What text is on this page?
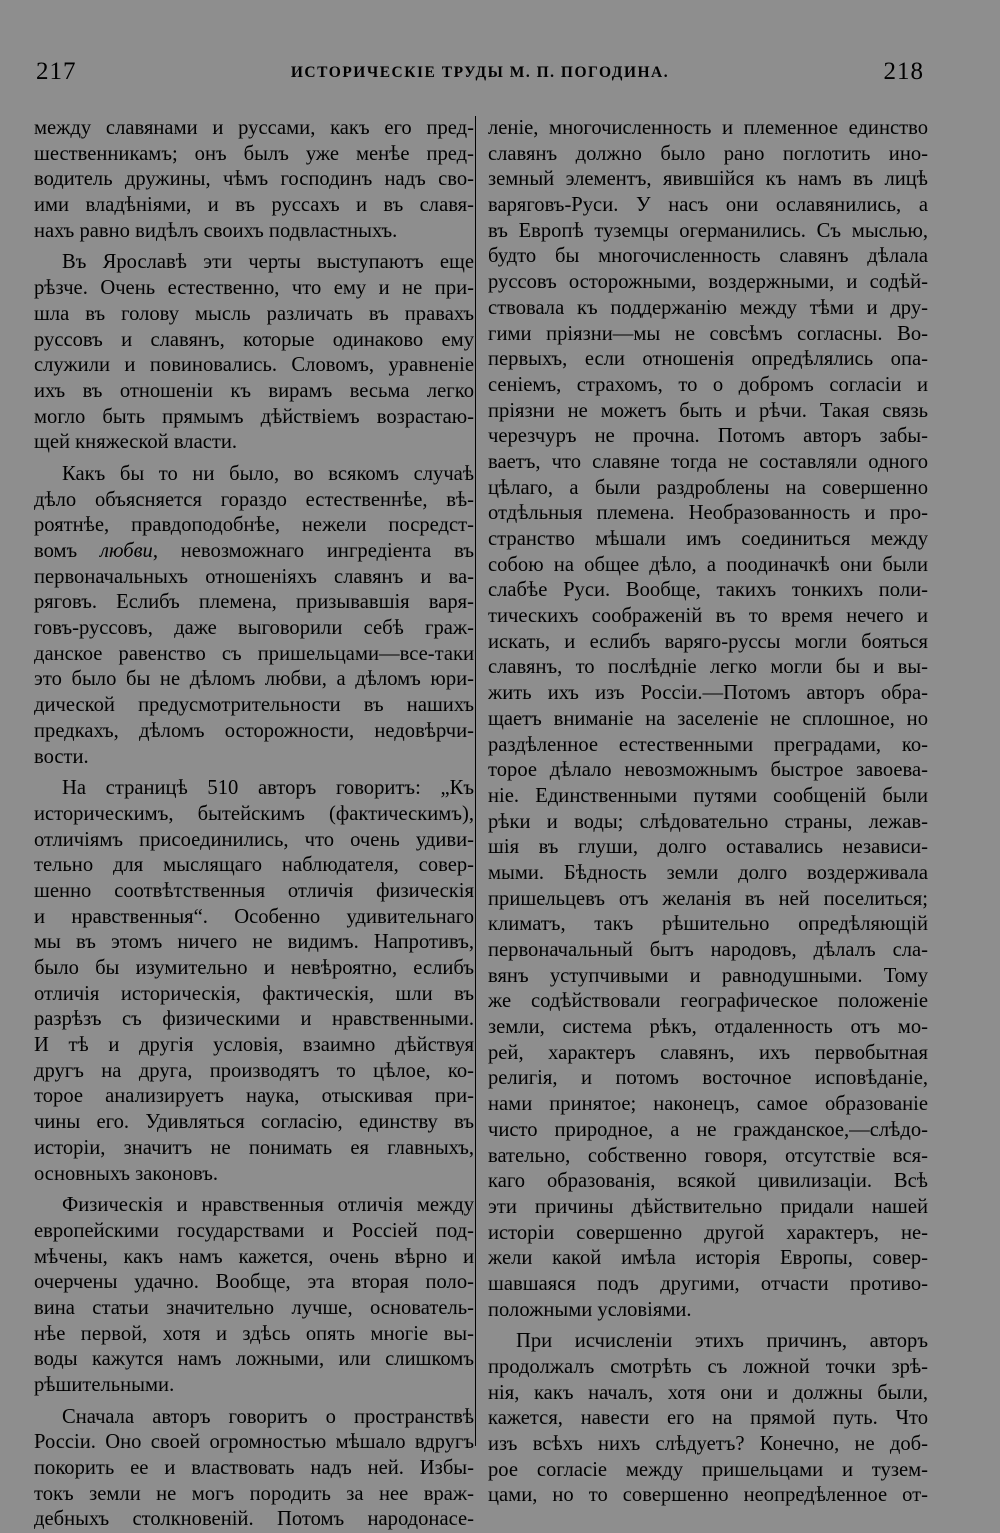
217	ИСТОРИЧЕСКІЕ ТРУДЫ М. П. ПОГОДИНА.	218
между славянами и руссами, какъ его пред-
шественникамъ; онъ былъ уже менѣе пред-
водитель дружины, чѣмъ господинъ надъ сво-
ими владѣніями, и въ руссахъ и въ славя-
нахъ равно видѣлъ своихъ подвластныхъ.
Въ Ярославѣ эти черты выступаютъ еще
рѣзче. Очень естественно, что ему и не при-
шла въ голову мысль различать въ правахъ
руссовъ и славянъ, которые одинаково ему
служили и повиновались. Словомъ, уравненіе
ихъ въ отношеніи къ вирамъ весьма легко
могло быть прямымъ дѣйствіемъ возрастаю-
щей княжеской власти.
Какъ бы то ни было, во всякомъ случаѣ
дѣло объясняется гораздо естественнѣе, вѣ-
роятнѣе, правдоподобнѣе, нежели посредст-
вомъ любви, невозможнаго ингредіента въ
первоначальныхъ отношеніяхъ славянъ и ва-
ряговъ. Еслибъ племена, призывавшія варя-
говъ-руссовъ, даже выговорили себѣ граж-
данское равенство съ пришельцами—все-таки
это было бы не дѣломъ любви, а дѣломъ юри-
дической предусмотрительности въ нашихъ
предкахъ, дѣломъ осторожности, недовѣрчи-
вости.
На страницѣ 510 авторъ говоритъ: „Къ
историческимъ, бытейскимъ (фактическимъ),
отличіямъ присоединились, что очень удиви-
тельно для мыслящаго наблюдателя, совер-
шенно соотвѣтственныя отличія физическія
и нравственныя“. Особенно удивительнаго
мы въ этомъ ничего не видимъ. Напротивъ,
было бы изумительно и невѣроятно, еслибъ
отличія историческія, фактическія, шли въ
разрѣзъ съ физическими и нравственными.
И тѣ и другія условія, взаимно дѣйствуя
другъ на друга, производятъ то цѣлое, ко-
торое анализируетъ наука, отыскивая при-
чины его. Удивляться согласію, единству въ
исторіи, значитъ не понимать ея главныхъ,
основныхъ законовъ.
Физическія и нравственныя отличія между
европейскими государствами и Россіей под-
мѣчены, какъ намъ кажется, очень вѣрно и
очерчены удачно. Вообще, эта вторая поло-
вина статьи значительно лучше, основатель-
нѣе первой, хотя и здѣсь опять многіе вы-
воды кажутся намъ ложными, или слишкомъ
рѣшительными.
Сначала авторъ говоритъ о пространствѣ
Россіи. Оно своей огромностью мѣшало вдругъ
покорить ее и властвовать надъ ней. Избы-
токъ земли не могъ породить за нее враж-
дебныхъ столкновеній. Потомъ народонасе-
леніе, многочисленность и племенное единство
славянъ должно было рано поглотить ино-
земный элементъ, явившійся къ намъ въ лицѣ
варяговъ-Руси. У насъ они ославянились, а
въ Европѣ туземцы огерманились. Съ мыслью,
будто бы многочисленность славянъ дѣлала
руссовъ осторожными, воздержными, и содѣй-
ствовала къ поддержанію между тѣми и дру-
гими пріязни—мы не совсѣмъ согласны. Во-
первыхъ, если отношенія опредѣлялись опа-
сеніемъ, страхомъ, то о добромъ согласіи и
пріязни не можетъ быть и рѣчи. Такая связь
черезчуръ не прочна. Потомъ авторъ забы-
ваетъ, что славяне тогда не составляли одного
цѣлаго, а были раздроблены на совершенно
отдѣльныя племена. Необразованность и про-
странство мѣшали имъ соединиться между
собою на общее дѣло, а поодиначкѣ они были
слабѣе Руси. Вообще, такихъ тонкихъ поли-
тическихъ соображеній въ то время нечего и
искать, и еслибъ варяго-руссы могли бояться
славянъ, то послѣдніе легко могли бы и вы-
жить ихъ изъ Россіи.—Потомъ авторъ обра-
щаетъ вниманіе на заселеніе не сплошное, но
раздѣленное естественными преградами, ко-
торое дѣлало невозможнымъ быстрое завоева-
ніе. Единственными путями сообщеній были
рѣки и воды; слѣдовательно страны, лежав-
шія въ глуши, долго оставались независи-
мыми. Бѣдность земли долго воздерживала
пришельцевъ отъ желанія въ ней поселиться;
климатъ, такъ рѣшительно опредѣляющій
первоначальный бытъ народовъ, дѣлалъ сла-
вянъ уступчивыми и равнодушными. Тому
же содѣйствовали географическое положеніе
земли, система рѣкъ, отдаленность отъ мо-
рей, характеръ славянъ, ихъ первобытная
религія, и потомъ восточное исповѣданіе,
нами принятое; наконецъ, самое образованіе
чисто природное, а не гражданское,—слѣдо-
вательно, собственно говоря, отсутствіе вся-
каго образованія, всякой цивилизаціи. Всѣ
эти причины дѣйствительно придали нашей
исторіи совершенно другой характеръ, не-
жели какой имѣла исторія Европы, совер-
шавшаяся подъ другими, отчасти противо-
положными условіями.
При исчисленіи этихъ причинъ, авторъ
продолжалъ смотрѣть съ ложной точки зрѣ-
нія, какъ началъ, хотя они и должны были,
кажется, навести его на прямой путь. Что
изъ всѣхъ нихъ слѣдуетъ? Конечно, не доб-
рое согласіе между пришельцами и тузем-
цами, но то совершенно неопредѣленное от-
